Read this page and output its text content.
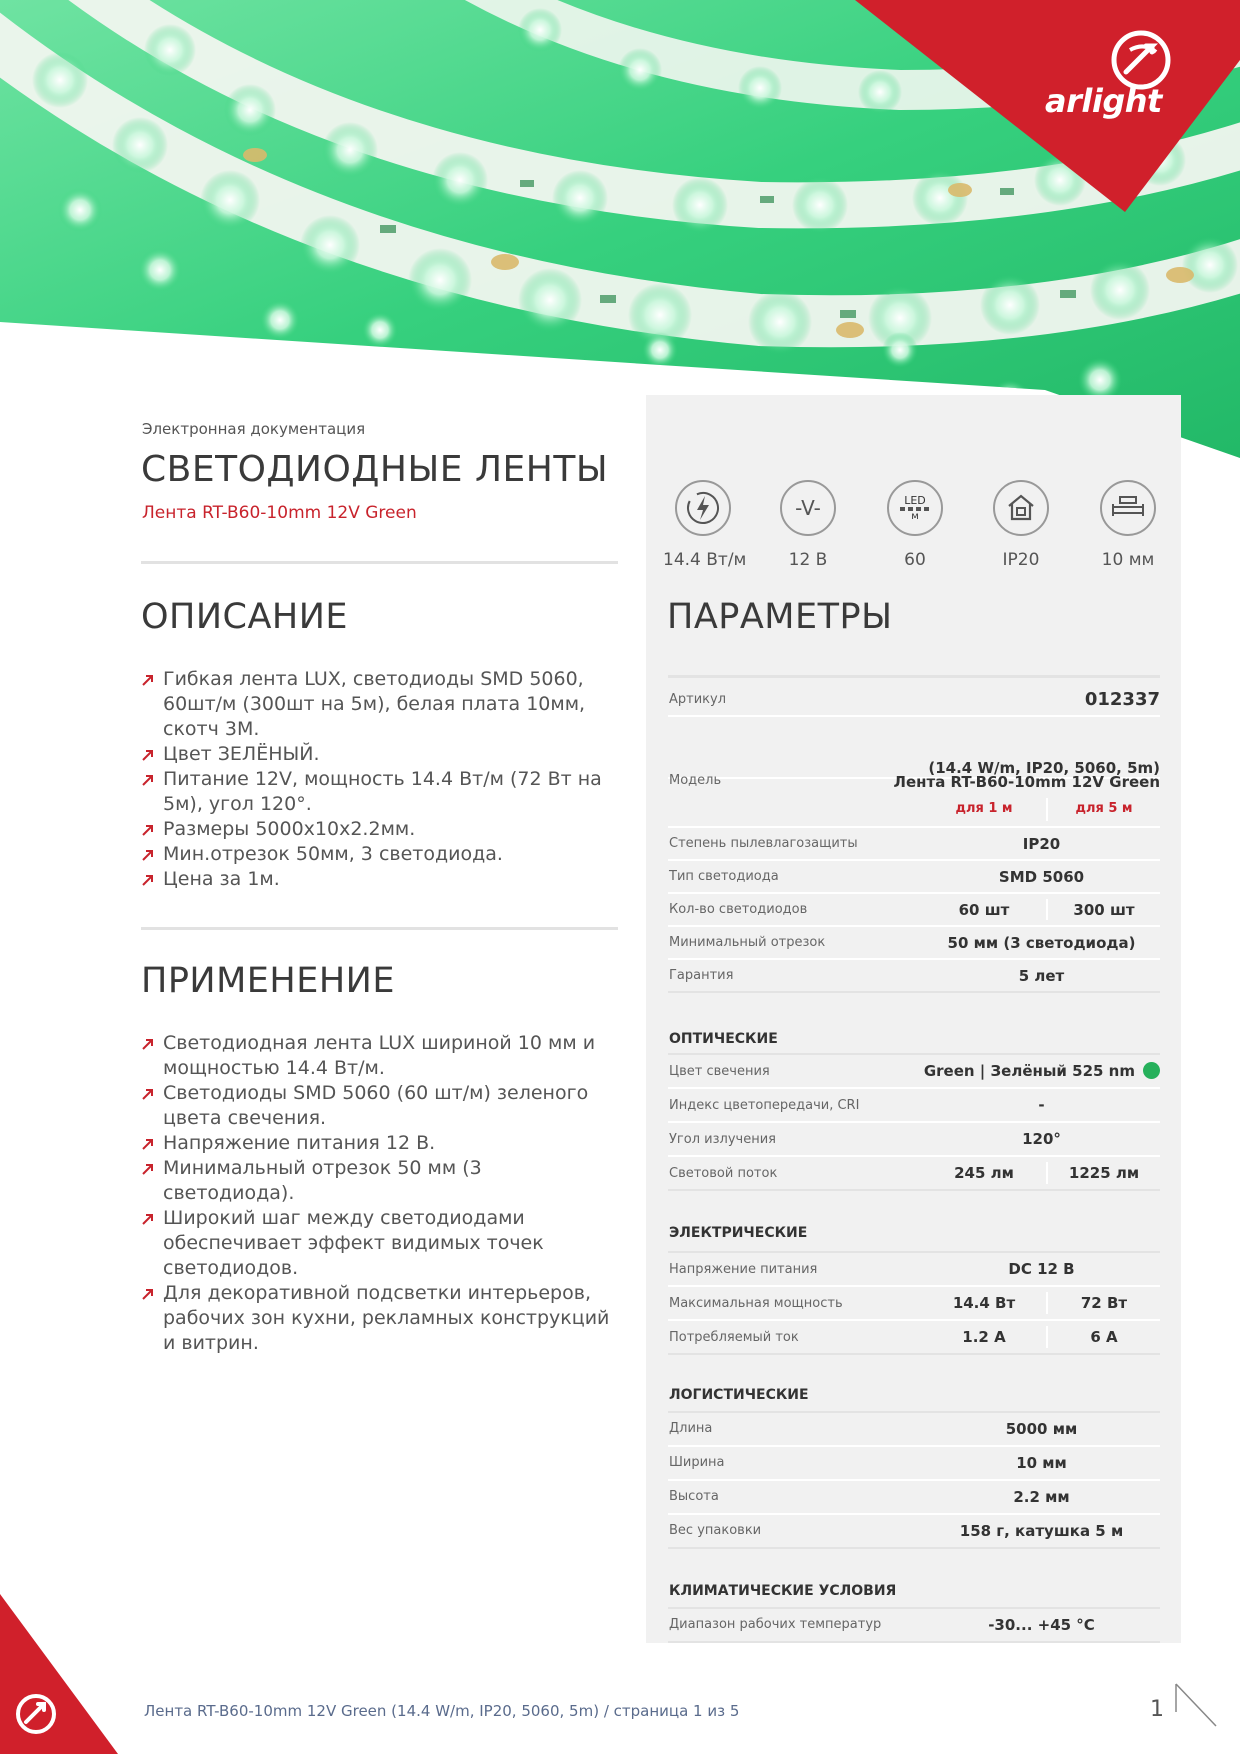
arlight
Электронная документация
СВЕТОДИОДНЫЕ ЛЕНТЫ
Лента RT-B60-10mm 12V Green
ОПИСАНИЕ
Гибкая лента LUX, светодиоды SMD 5060, 60шт/м (300шт на 5м), белая плата 10мм, скотч 3М.
Цвет ЗЕЛЁНЫЙ.
Питание 12V, мощность 14.4 Вт/м (72 Вт на 5м), угол 120°.
Размеры 5000x10x2.2мм.
Мин.отрезок 50мм, 3 светодиода.
Цена за 1м.
ПРИМЕНЕНИЕ
Светодиодная лента LUX шириной 10 мм и мощностью 14.4 Вт/м.
Светодиоды SMD 5060 (60 шт/м) зеленого цвета свечения.
Напряжение питания 12 В.
Минимальный отрезок 50 мм (3 светодиода).
Широкий шаг между светодиодами обеспечивает эффект видимых точек светодиодов.
Для декоративной подсветки интерьеров, рабочих зон кухни, рекламных конструкций и витрин.
14.4 Вт/м
-V-
12 В
LED
м
60	IP20	10 мм
ПАРАМЕТРЫ
Артикул	012337
Модель	Лента RT-B60-10mm 12V Green
(14.4 W/m, IP20, 5060, 5m)
для 1 м	для 5 м
Степень пылевлагозащиты	IP20
Тип светодиода	SMD 5060
Кол-во светодиодов	60 шт	300 шт
Минимальный отрезок	50 мм (3 светодиода)
Гарантия	5 лет
ОПТИЧЕСКИЕ
Цвет свечения	Green | Зелёный 525 nm
Индекс цветопередачи, CRI	-
Угол излучения	120°
Световой поток	245 лм	1225 лм
ЭЛЕКТРИЧЕСКИЕ
Напряжение питания	DC 12 В
Максимальная мощность	14.4 Вт	72 Вт
Потребляемый ток	1.2 А	6 А
ЛОГИСТИЧЕСКИЕ
Длина	5000 мм
Ширина	10 мм
Высота	2.2 мм
Вес упаковки	158 г, катушка 5 м
КЛИМАТИЧЕСКИЕ УСЛОВИЯ
Диапазон рабочих температур	-30... +45 °C
Лента RT-B60-10mm 12V Green (14.4 W/m, IP20, 5060, 5m) / страница 1 из 5	1
